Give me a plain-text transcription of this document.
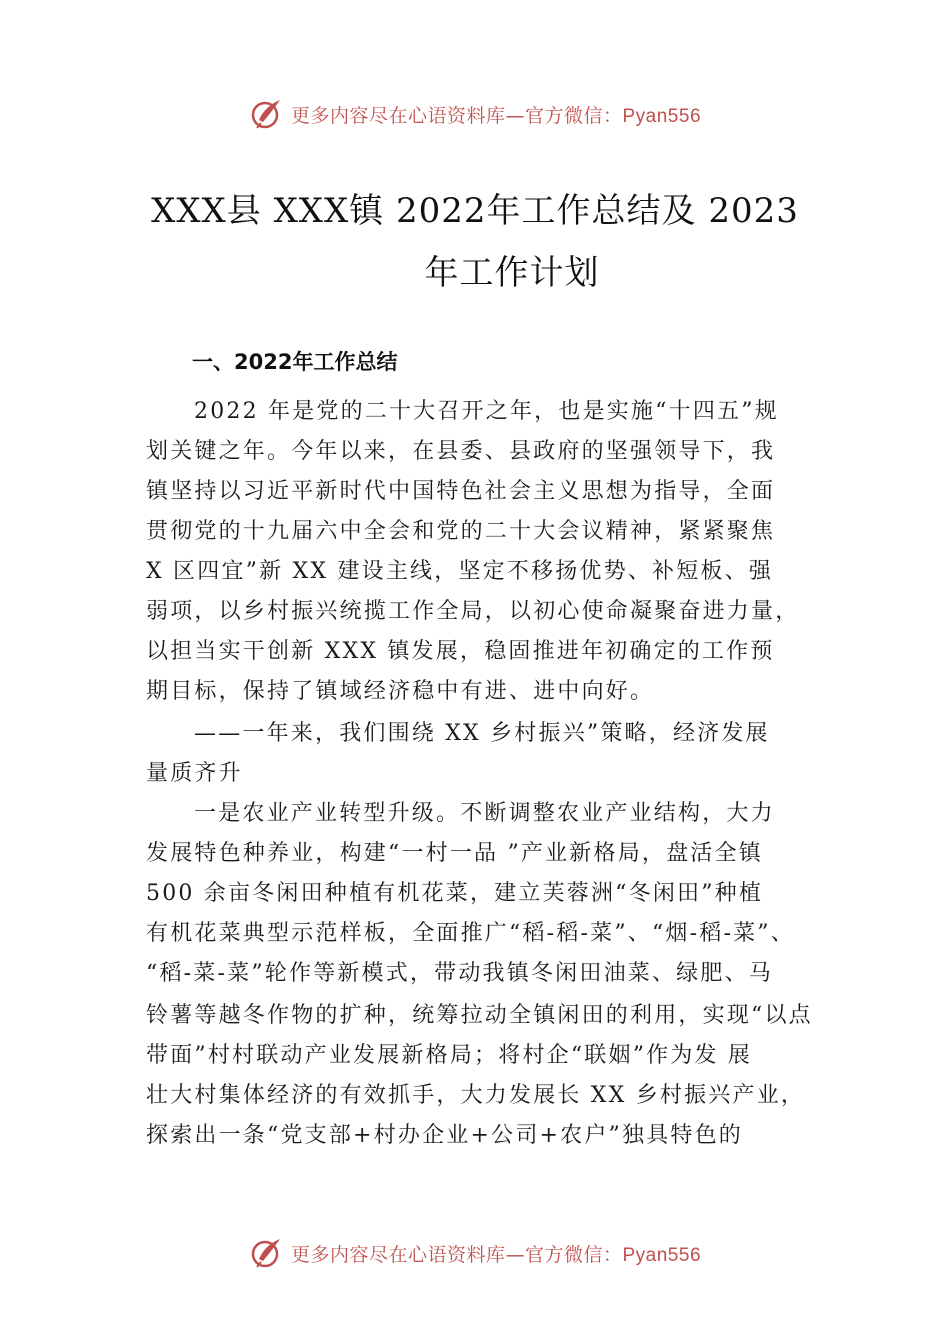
更多内容尽在心语资料库—官方微信：Pyan556
XXX县 XXX镇 2022年工作总结及 2023
年工作计划
一、2022年工作总结
2022 年是党的二十大召开之年，也是实施“十四五”规
划关键之年。今年以来，在县委、县政府的坚强领导下，我
镇坚持以习近平新时代中国特色社会主义思想为指导，全面
贯彻党的十九届六中全会和党的二十大会议精神，紧紧聚焦
X 区四宜”新 XX 建设主线，坚定不移扬优势、补短板、强
弱项，以乡村振兴统揽工作全局，以初心使命凝聚奋进力量，
以担当实干创新 XXX 镇发展，稳固推进年初确定的工作预
期目标，保持了镇域经济稳中有进、进中向好。
——一年来，我们围绕 XX 乡村振兴”策略，经济发展
量质齐升
一是农业产业转型升级。不断调整农业产业结构，大力
发展特色种养业，构建“一村一品 ”产业新格局，盘活全镇
500 余亩冬闲田种植有机花菜，建立芙蓉洲“冬闲田”种植
有机花菜典型示范样板，全面推广“稻-稻-菜”、“烟-稻-菜”、
“稻-菜-菜”轮作等新模式，带动我镇冬闲田油菜、绿肥、马
铃薯等越冬作物的扩种，统筹拉动全镇闲田的利用，实现“以点
带面”村村联动产业发展新格局；将村企“联姻”作为发 展
壮大村集体经济的有效抓手，大力发展长 XX 乡村振兴产业，
探索出一条“党支部+村办企业+公司+农户”独具特色的
更多内容尽在心语资料库—官方微信：Pyan556
